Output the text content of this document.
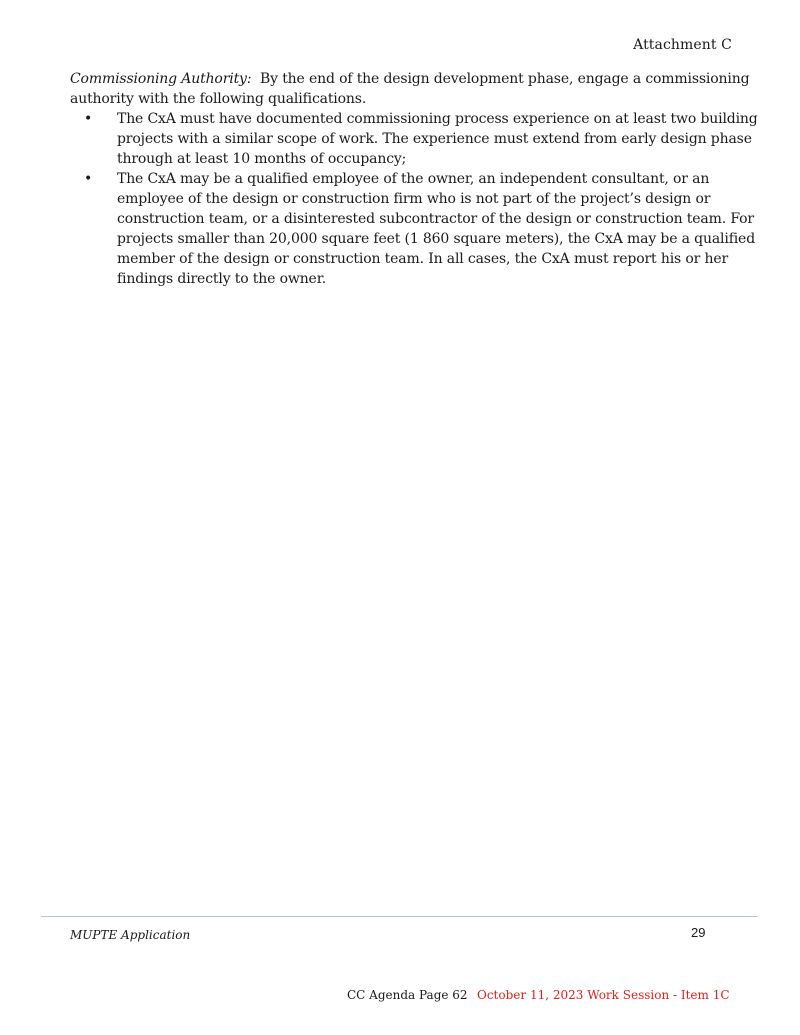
Attachment C

Commissioning Authority:  By the end of the design development phase, engage a commissioning authority with the following qualifications.

• The CxA must have documented commissioning process experience on at least two building projects with a similar scope of work. The experience must extend from early design phase through at least 10 months of occupancy;
• The CxA may be a qualified employee of the owner, an independent consultant, or an employee of the design or construction firm who is not part of the project’s design or construction team, or a disinterested subcontractor of the design or construction team. For projects smaller than 20,000 square feet (1 860 square meters), the CxA may be a qualified member of the design or construction team. In all cases, the CxA must report his or her findings directly to the owner.
MUPTE Application	29
CC Agenda Page 62 October 11, 2023 Work Session - Item 1C
